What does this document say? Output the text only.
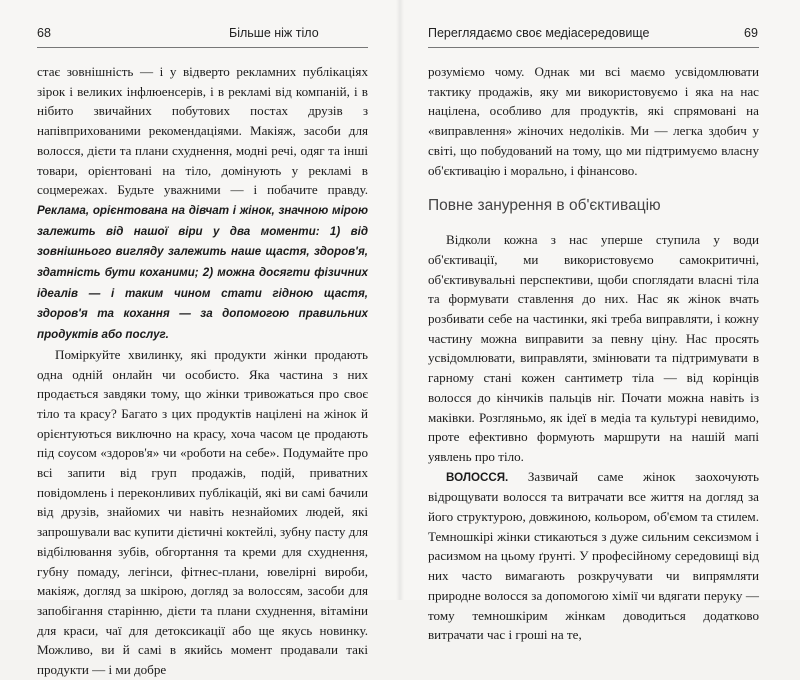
68	Більше ніж тіло

стає зовнішність — і у відверто рекламних публікаціях зірок і великих інфлюенсерів, і в рекламі від компаній, і в нібито звичайних побутових постах друзів з напівприхованими рекомендаціями. Макіяж, засоби для волосся, дієти та плани схуднення, модні речі, одяг та інші товари, орієнтовані на тіло, домінують у рекламі в соцмережах. Будьте уважними — і побачите правду. Реклама, орієнтована на дівчат і жінок, значною мірою залежить від нашої віри у два моменти: 1) від зовнішнього вигляду залежить наше щастя, здоров'я, здатність бути коханими; 2) можна досягти фізичних ідеалів — і таким чином стати гідною щастя, здоров'я та кохання — за допомогою правильних продуктів або послуг.

Поміркуйте хвилинку, які продукти жінки продають одна одній онлайн чи особисто. Яка частина з них продається завдяки тому, що жінки тривожаться про своє тіло та красу? Багато з цих продуктів націлені на жінок й орієнтуються виключно на красу, хоча часом це продають під соусом «здоров'я» чи «роботи на себе». Подумайте про всі запити від груп продажів, подій, приватних повідомлень і переконливих публікацій, які ви самі бачили від друзів, знайомих чи навіть незнайомих людей, які запрошували вас купити дієтичні коктейлі, зубну пасту для відбілювання зубів, обгортання та креми для схуднення, губну помаду, легінси, фітнес-плани, ювелірні вироби, макіяж, догляд за шкірою, догляд за волоссям, засоби для запобігання старінню, дієти та плани схуднення, вітаміни для краси, чаї для детоксикації або ще якусь новинку. Можливо, ви й самі в якийсь момент продавали такі продукти — і ми добре

Переглядаємо своє медіасередовище	69

розуміємо чому. Однак ми всі маємо усвідомлювати тактику продажів, яку ми використовуємо і яка на нас націлена, особливо для продуктів, які спрямовані на «виправлення» жіночих недоліків. Ми — легка здобич у світі, що побудований на тому, що ми підтримуємо власну об'єктивацію і морально, і фінансово.

Повне занурення в об'єктивацію

Відколи кожна з нас уперше ступила у води об'єктивації, ми використовуємо самокритичні, об'єктивувальні перспективи, щоби споглядати власні тіла та формувати ставлення до них. Нас як жінок вчать розбивати себе на частинки, які треба виправляти, і кожну частину можна виправити за певну ціну. Нас просять усвідомлювати, виправляти, змінювати та підтримувати в гарному стані кожен сантиметр тіла — від корінців волосся до кінчиків пальців ніг. Почати можна навіть із маківки. Розгляньмо, як ідеї в медіа та культурі невидимо, проте ефективно формують маршрути на нашій мапі уявлень про тіло.

ВОЛОССЯ. Зазвичай саме жінок заохочують відрощувати волосся та витрачати все життя на догляд за його структурою, довжиною, кольором, об'ємом та стилем. Темношкірі жінки стикаються з дуже сильним сексизмом і расизмом на цьому ґрунті. У професійному середовищі від них часто вимагають розкручувати чи випрямляти природне волосся за допомогою хімії чи вдягати перуку — тому темношкірим жінкам доводиться додатково витрачати час і гроші на те,
